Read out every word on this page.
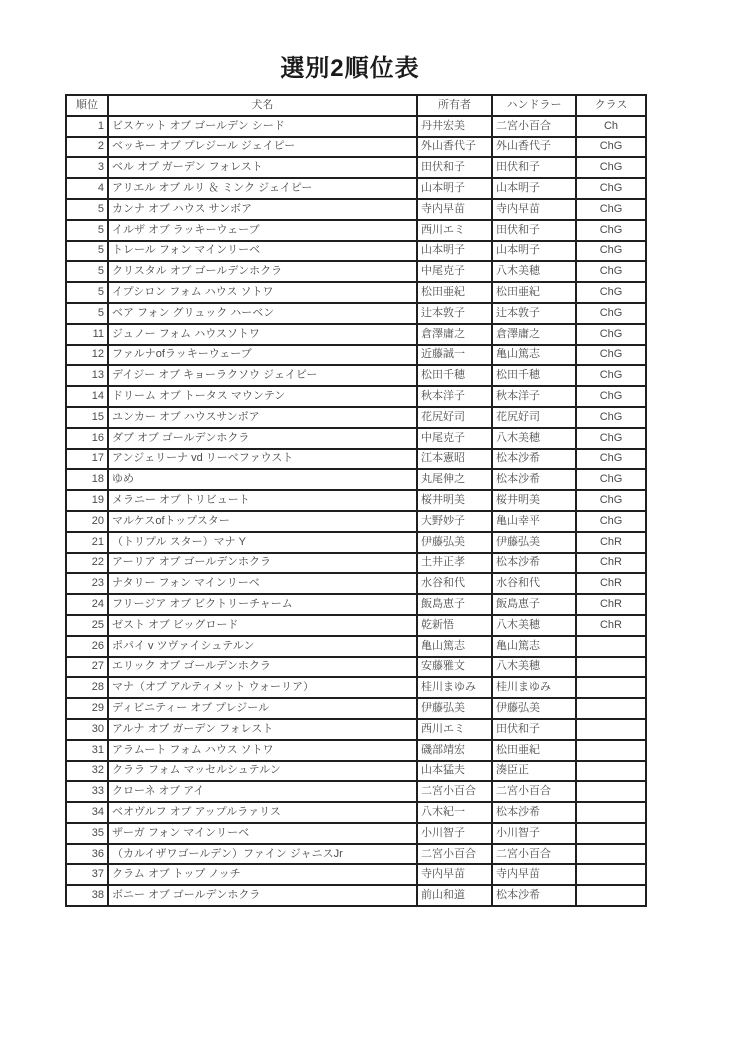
選別2順位表
順位	犬名	所有者	ハンドラー	クラス
1	ビスケット オブ ゴールデン シード	丹井宏美	二宮小百合	Ch
2	ベッキー オブ プレジール ジェイピー	外山香代子	外山香代子	ChG
3	ベル オブ ガーデン フォレスト	田伏和子	田伏和子	ChG
4	アリエル オブ ルリ ＆ ミンク ジェイピー	山本明子	山本明子	ChG
5	カンナ オブ ハウス サンボア	寺内早苗	寺内早苗	ChG
5	イルザ オブ ラッキーウェーブ	西川エミ	田伏和子	ChG
5	トレール フォン マインリーベ	山本明子	山本明子	ChG
5	クリスタル オブ ゴールデンホクラ	中尾克子	八木美穂	ChG
5	イプシロン フォム ハウス ソトワ	松田亜紀	松田亜紀	ChG
5	ベア フォン グリュック ハーベン	辻本敦子	辻本敦子	ChG
11	ジュノー フォム ハウスソトワ	倉澤庸之	倉澤庸之	ChG
12	ファルナofラッキーウェーブ	近藤誠一	亀山篤志	ChG
13	デイジー オブ キョーラクソウ ジェイピー	松田千穂	松田千穂	ChG
14	ドリーム オブ トータス マウンテン	秋本洋子	秋本洋子	ChG
15	ユンカー オブ ハウスサンボア	花尻好司	花尻好司	ChG
16	ダブ オブ ゴールデンホクラ	中尾克子	八木美穂	ChG
17	アンジェリーナ vd リーベファウスト	江本憲昭	松本沙希	ChG
18	ゆめ	丸尾伸之	松本沙希	ChG
19	メラニー オブ トリビュート	桜井明美	桜井明美	ChG
20	マルケスofトップスター	大野妙子	亀山幸平	ChG
21	（トリプル スター）マナ Y	伊藤弘美	伊藤弘美	ChR
22	アーリア オブ ゴールデンホクラ	土井正孝	松本沙希	ChR
23	ナタリー フォン マインリーベ	水谷和代	水谷和代	ChR
24	フリージア オブ ビクトリーチャーム	飯島恵子	飯島恵子	ChR
25	ゼスト オブ ビッグロード	乾新悟	八木美穂	ChR
26	ポパイ v ツヴァイシュテルン	亀山篤志	亀山篤志	
27	エリック オブ ゴールデンホクラ	安藤雅文	八木美穂	
28	マナ（オブ アルティメット ウォーリア）	桂川まゆみ	桂川まゆみ	
29	ディビニティー オブ プレジール	伊藤弘美	伊藤弘美	
30	アルナ オブ ガーデン フォレスト	西川エミ	田伏和子	
31	アラムート フォム ハウス ソトワ	磯部靖宏	松田亜紀	
32	クララ フォム マッセルシュテルン	山本猛夫	湊臣正	
33	クローネ オブ アイ	二宮小百合	二宮小百合	
34	ベオヴルフ オブ アップルラァリス	八木紀一	松本沙希	
35	ザーガ フォン マインリーベ	小川智子	小川智子	
36	（カルイザワゴールデン）ファイン ジャニスJr	二宮小百合	二宮小百合	
37	クラム オブ トップ ノッチ	寺内早苗	寺内早苗	
38	ボニー オブ ゴールデンホクラ	前山和道	松本沙希	
